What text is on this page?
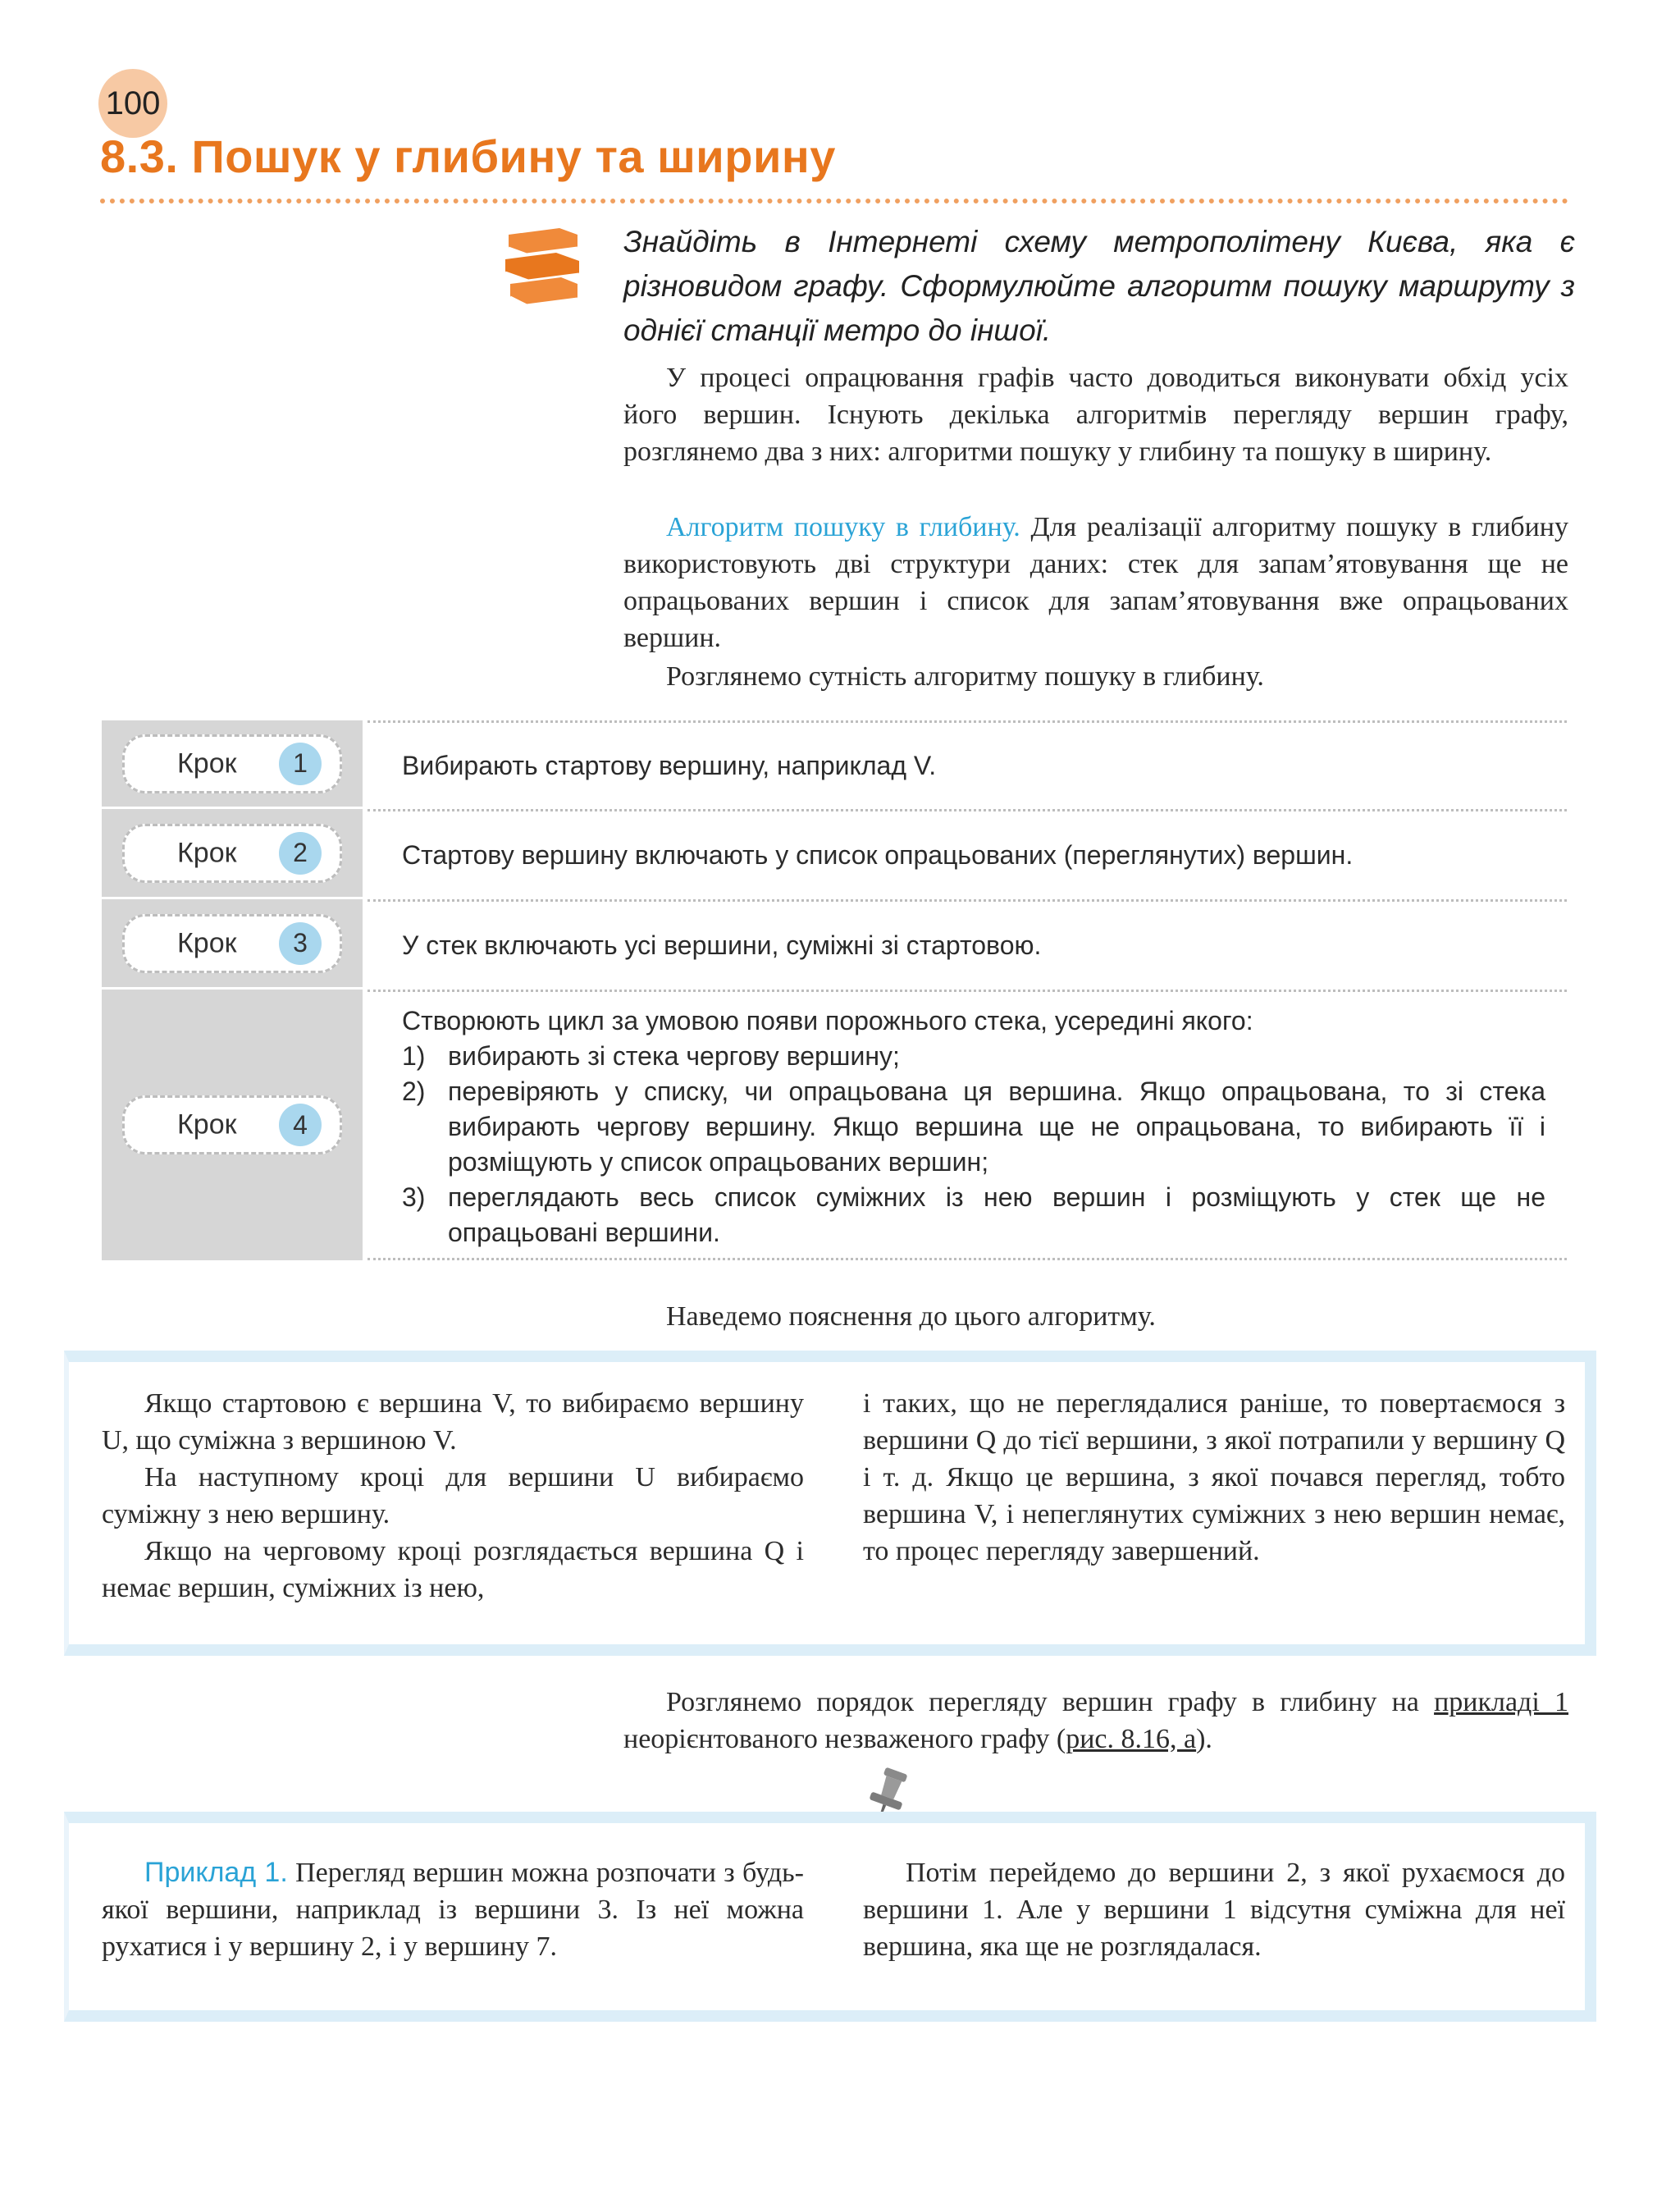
100
8.3. Пошук у глибину та ширину
Знайдіть в Інтернеті схему метрополітену Києва, яка є різновидом графу. Сформулюйте алгоритм пошуку маршруту з однієї станції метро до іншої.

У процесі опрацювання графів часто доводиться виконувати обхід усіх його вершин. Існують декілька алгоритмів перегляду вершин графу, розглянемо два з них: алгоритми пошуку у глибину та пошуку в ширину.

Алгоритм пошуку в глибину. Для реалізації алгоритму пошуку в глибину використовують дві структури даних: стек для запам’ятовування ще не опрацьованих вершин і список для запам’ятовування вже опрацьованих вершин.

Розглянемо сутність алгоритму пошуку в глибину.

Крок	1	Вибирають стартову вершину, наприклад V.
Крок	2	Стартову вершину включають у список опрацьованих (переглянутих) вершин.
Крок	3	У стек включають усі вершини, суміжні зі стартовою.
Крок	4
Створюють цикл за умовою появи порожнього стека, усередині якого:
1) вибирають зі стека чергову вершину;
2) перевіряють у списку, чи опрацьована ця вершина. Якщо опрацьована, то зі стека вибирають чергову вершину. Якщо вершина ще не опрацьована, то вибирають її і розміщують у список опрацьованих вершин;
3) переглядають весь список суміжних із нею вершин і розміщують у стек ще не опрацьовані вершини.

Наведемо пояснення до цього алгоритму.

Якщо стартовою є вершина V, то вибираємо вершину U, що суміжна з вершиною V.

На наступному кроці для вершини U вибираємо суміжну з нею вершину.

Якщо на черговому кроці розглядається вершина Q і немає вершин, суміжних із нею,

і таких, що не переглядалися раніше, то повертаємося з вершини Q до тієї вершини, з якої потрапили у вершину Q і т. д. Якщо це вершина, з якої почався перегляд, тобто вершина V, і непеглянутих суміжних з нею вершин немає, то процес перегляду завершений.

Розглянемо порядок перегляду вершин графу в глибину на прикладі 1 неорієнтованого незваженого графу (рис. 8.16, а).

Приклад 1. Перегляд вершин можна розпочати з будь-якої вершини, наприклад із вершини 3. Із неї можна рухатися і у вершину 2, і у вершину 7.

Потім перейдемо до вершини 2, з якої рухаємося до вершини 1. Але у вершини 1 відсутня суміжна для неї вершина, яка ще не розглядалася.
